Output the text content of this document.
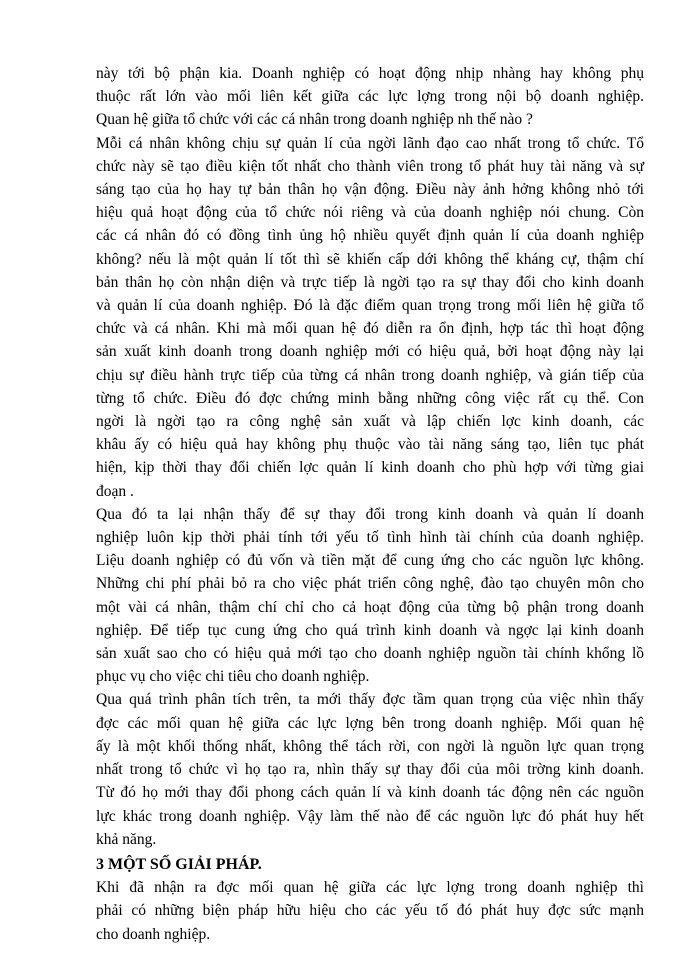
này tới bộ phận kia. Doanh nghiệp có hoạt động nhịp nhàng hay không phụ
thuộc rất lớn vào mối liên kết giữa các lực lợng trong nội bộ doanh nghiệp.
Quan hệ giữa tổ chức với các cá nhân trong doanh nghiệp nh thế nào ?
Mỗi cá nhân không chịu sự quản lí của ngời lãnh đạo cao nhất trong tổ chức. Tổ
chức này sẽ tạo điều kiện tốt nhất cho thành viên trong tổ phát huy tài năng và sự
sáng tạo của họ hay tự bản thân họ vận động. Điều này ảnh hởng không nhỏ tới
hiệu quả hoạt động của tổ chức nói riêng và của doanh nghiệp nói chung. Còn
các cá nhân đó có đồng tình ủng hộ nhiều quyết định quản lí của doanh nghiệp
không? nếu là một quản lí tốt thì sẽ khiến cấp dới không thể kháng cự, thậm chí
bản thân họ còn nhận diện và trực tiếp là ngời tạo ra sự thay đổi cho kinh doanh
và quản lí của doanh nghiệp. Đó là đặc điểm quan trọng trong mối liên hệ giữa tổ
chức và cá nhân. Khi mà mối quan hệ đó diễn ra ổn định, hợp tác thì hoạt động
sản xuất kinh doanh trong doanh nghiệp mới có hiệu quả, bởi hoạt động này lại
chịu sự điều hành trực tiếp của từng cá nhân trong doanh nghiệp, và gián tiếp của
từng tổ chức. Điều đó đợc chứng minh bằng những công việc rất cụ thể. Con
ngời là ngời tạo ra công nghệ sản xuất và lập chiến lợc kinh doanh, các
khâu ấy có hiệu quả hay không phụ thuộc vào tài năng sáng tạo, liên tục phát
hiện, kịp thời thay đổi chiến lợc quản lí kinh doanh cho phù hợp với từng giai
đoạn .
Qua đó ta lại nhận thấy để sự thay đổi trong kinh doanh và quản lí doanh
nghiệp luôn kịp thời phải tính tới yếu tố tình hình tài chính của doanh nghiệp.
Liệu doanh nghiệp có đủ vốn và tiền mặt để cung ứng cho các nguồn lực không.
Những chi phí phải bỏ ra cho việc phát triển công nghệ, đào tạo chuyên môn cho
một vài cá nhân, thậm chí chỉ cho cả hoạt động của từng bộ phận trong doanh
nghiệp. Để tiếp tục cung ứng cho quá trình kinh doanh và ngợc lại kinh doanh
sản xuất sao cho có hiệu quả mới tạo cho doanh nghiệp nguồn tài chính khổng lồ
phục vụ cho việc chi tiêu cho doanh nghiệp.
Qua quá trình phân tích trên, ta mới thấy đợc tầm quan trọng của việc nhìn thấy
đợc các mối quan hệ giữa các lực lợng bên trong doanh nghiệp. Mối quan hệ
ấy là một khối thống nhất, không thể tách rời, con ngời là nguồn lực quan trọng
nhất trong tổ chức vì họ tạo ra, nhìn thấy sự thay đổi của môi trờng kinh doanh.
Từ đó họ mới thay đổi phong cách quản lí và kinh doanh tác động nên các nguồn
lực khác trong doanh nghiệp. Vậy làm thế nào để các nguồn lực đó phát huy hết
khả năng.
3 MỘT SỐ GIẢI PHÁP.
Khi đã nhận ra đợc mối quan hệ giữa các lực lợng trong doanh nghiệp thì
phải có những biện pháp hữu hiệu cho các yếu tố đó phát huy đợc sức mạnh
cho doanh nghiệp.
